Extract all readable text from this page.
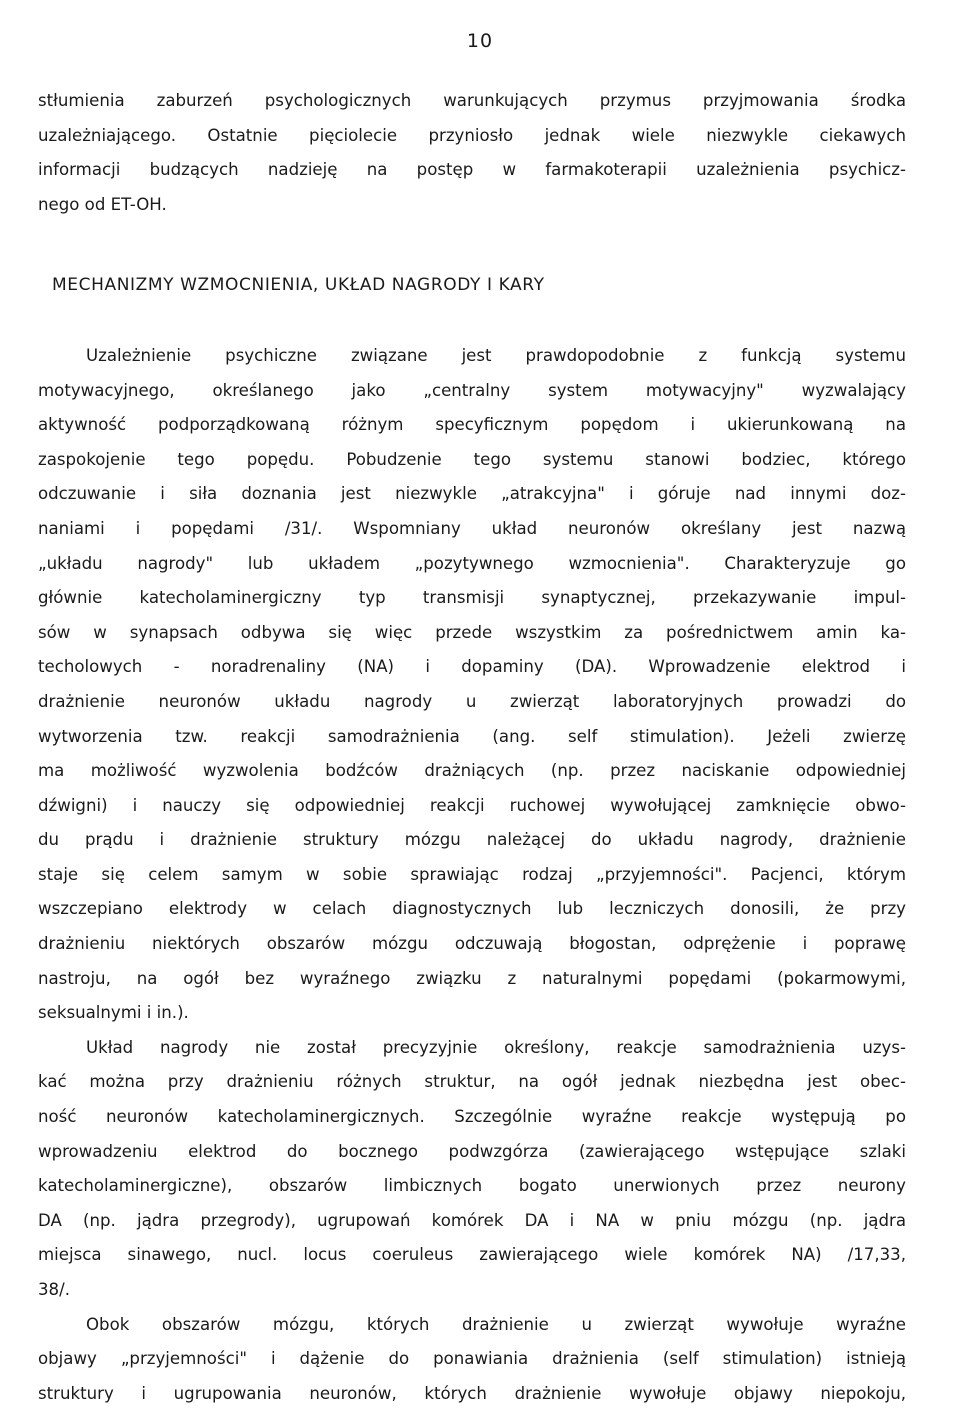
10
stłumienia zaburzeń psychologicznych warunkujących przymus przyjmowania środka
uzależniającego. Ostatnie pięciolecie przyniosło jednak wiele niezwykle ciekawych
informacji budzących nadzieję na postęp w farmakoterapii uzależnienia psychicz-
nego od ET-OH.
MECHANIZMY WZMOCNIENIA, UKŁAD NAGRODY I KARY
Uzależnienie psychiczne związane jest prawdopodobnie z funkcją systemu
motywacyjnego, określanego jako „centralny system motywacyjny" wyzwalający
aktywność podporządkowaną różnym specyficznym popędom i ukierunkowaną na
zaspokojenie tego popędu. Pobudzenie tego systemu stanowi bodziec, którego
odczuwanie i siła doznania jest niezwykle „atrakcyjna" i góruje nad innymi doz-
naniami i popędami /31/. Wspomniany układ neuronów określany jest nazwą
„układu nagrody" lub układem „pozytywnego wzmocnienia". Charakteryzuje go
głównie katecholaminergiczny typ transmisji synaptycznej, przekazywanie impul-
sów w synapsach odbywa się więc przede wszystkim za pośrednictwem amin ka-
techolowych - noradrenaliny (NA) i dopaminy (DA). Wprowadzenie elektrod i
drażnienie neuronów układu nagrody u zwierząt laboratoryjnych prowadzi do
wytworzenia tzw. reakcji samodrażnienia (ang. self stimulation). Jeżeli zwierzę
ma możliwość wyzwolenia bodźców drażniących (np. przez naciskanie odpowiedniej
dźwigni) i nauczy się odpowiedniej reakcji ruchowej wywołującej zamknięcie obwo-
du prądu i drażnienie struktury mózgu należącej do układu nagrody, drażnienie
staje się celem samym w sobie sprawiając rodzaj „przyjemności". Pacjenci, którym
wszczepiano elektrody w celach diagnostycznych lub leczniczych donosili, że przy
drażnieniu niektórych obszarów mózgu odczuwają błogostan, odprężenie i poprawę
nastroju, na ogół bez wyraźnego związku z naturalnymi popędami (pokarmowymi,
seksualnymi i in.).
Układ nagrody nie został precyzyjnie określony, reakcje samodrażnienia uzys-
kać można przy drażnieniu różnych struktur, na ogół jednak niezbędna jest obec-
ność neuronów katecholaminergicznych. Szczególnie wyraźne reakcje występują po
wprowadzeniu elektrod do bocznego podwzgórza (zawierającego wstępujące szlaki
katecholaminergiczne), obszarów limbicznych bogato unerwionych przez neurony
DA (np. jądra przegrody), ugrupowań komórek DA i NA w pniu mózgu (np. jądra
miejsca sinawego, nucl. locus coeruleus zawierającego wiele komórek NA) /17,33,
38/.
Obok obszarów mózgu, których drażnienie u zwierząt wywołuje wyraźne
objawy „przyjemności" i dążenie do ponawiania drażnienia (self stimulation) istnieją
struktury i ugrupowania neuronów, których drażnienie wywołuje objawy niepokoju,
